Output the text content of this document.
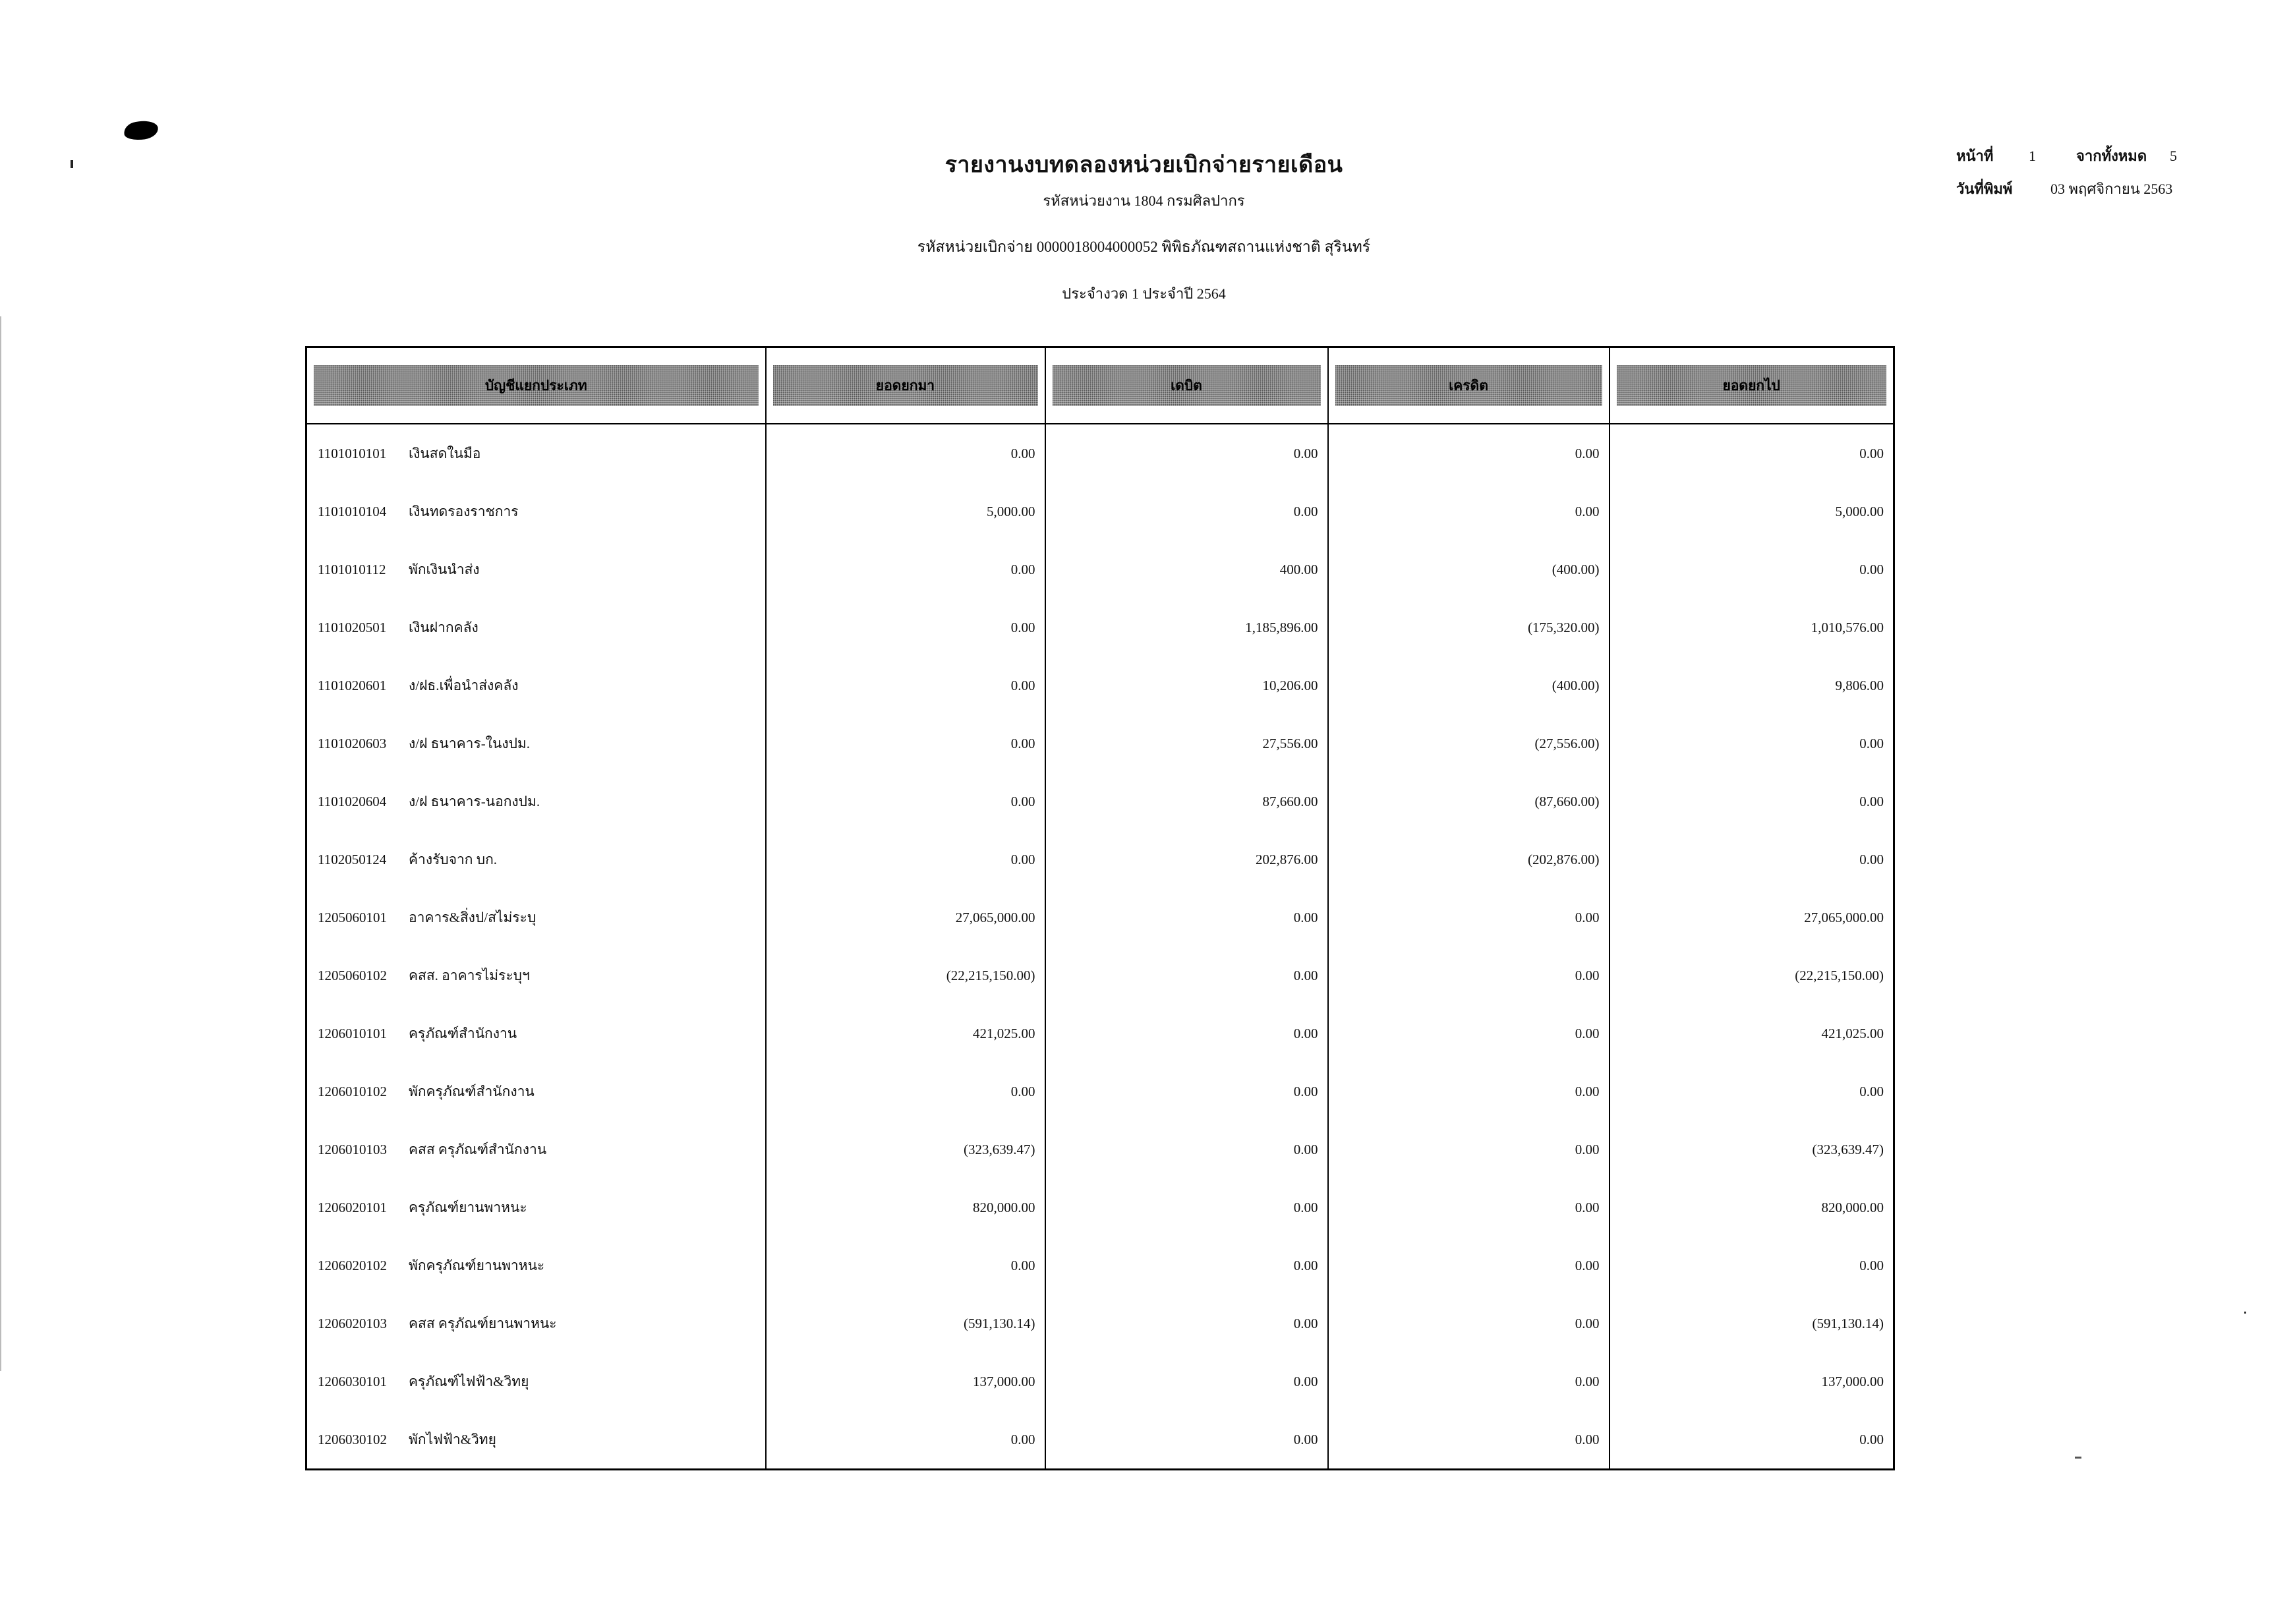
รายงานงบทดลองหน่วยเบิกจ่ายรายเดือน
รหัสหน่วยงาน 1804 กรมศิลปากร
รหัสหน่วยเบิกจ่าย 0000018004000052 พิพิธภัณฑสถานแห่งชาติ สุรินทร์
ประจำงวด 1 ประจำปี 2564
หน้าที่ 1	จากทั้งหมด 5
วันที่พิมพ์	03 พฤศจิกายน 2563
บัญชีแยกประเภท	ยอดยกมา	เดบิต	เครดิต	ยอดยกไป

1101010101 เงินสดในมือ	0.00	0.00	0.00	0.00
1101010104 เงินทดรองราชการ	5,000.00	0.00	0.00	5,000.00
1101010112 พักเงินนำส่ง	0.00	400.00	(400.00)	0.00
1101020501 เงินฝากคลัง	0.00	1,185,896.00	(175,320.00)	1,010,576.00
1101020601 ง/ฝธ.เพื่อนำส่งคลัง	0.00	10,206.00	(400.00)	9,806.00
1101020603 ง/ฝ ธนาคาร-ในงปม.	0.00	27,556.00	(27,556.00)	0.00
1101020604 ง/ฝ ธนาคาร-นอกงปม.	0.00	87,660.00	(87,660.00)	0.00
1102050124 ค้างรับจาก บก.	0.00	202,876.00	(202,876.00)	0.00
1205060101 อาคาร&สิ่งป/สไม่ระบุ	27,065,000.00	0.00	0.00	27,065,000.00
1205060102 คสส. อาคารไม่ระบุฯ	(22,215,150.00)	0.00	0.00	(22,215,150.00)
1206010101 ครุภัณฑ์สำนักงาน	421,025.00	0.00	0.00	421,025.00
1206010102 พักครุภัณฑ์สำนักงาน	0.00	0.00	0.00	0.00
1206010103 คสส ครุภัณฑ์สำนักงาน	(323,639.47)	0.00	0.00	(323,639.47)
1206020101 ครุภัณฑ์ยานพาหนะ	820,000.00	0.00	0.00	820,000.00
1206020102 พักครุภัณฑ์ยานพาหนะ	0.00	0.00	0.00	0.00
1206020103 คสส ครุภัณฑ์ยานพาหนะ	(591,130.14)	0.00	0.00	(591,130.14)
1206030101 ครุภัณฑ์ไฟฟ้า&วิทยุ	137,000.00	0.00	0.00	137,000.00
1206030102 พักไฟฟ้า&วิทยุ	0.00	0.00	0.00	0.00
